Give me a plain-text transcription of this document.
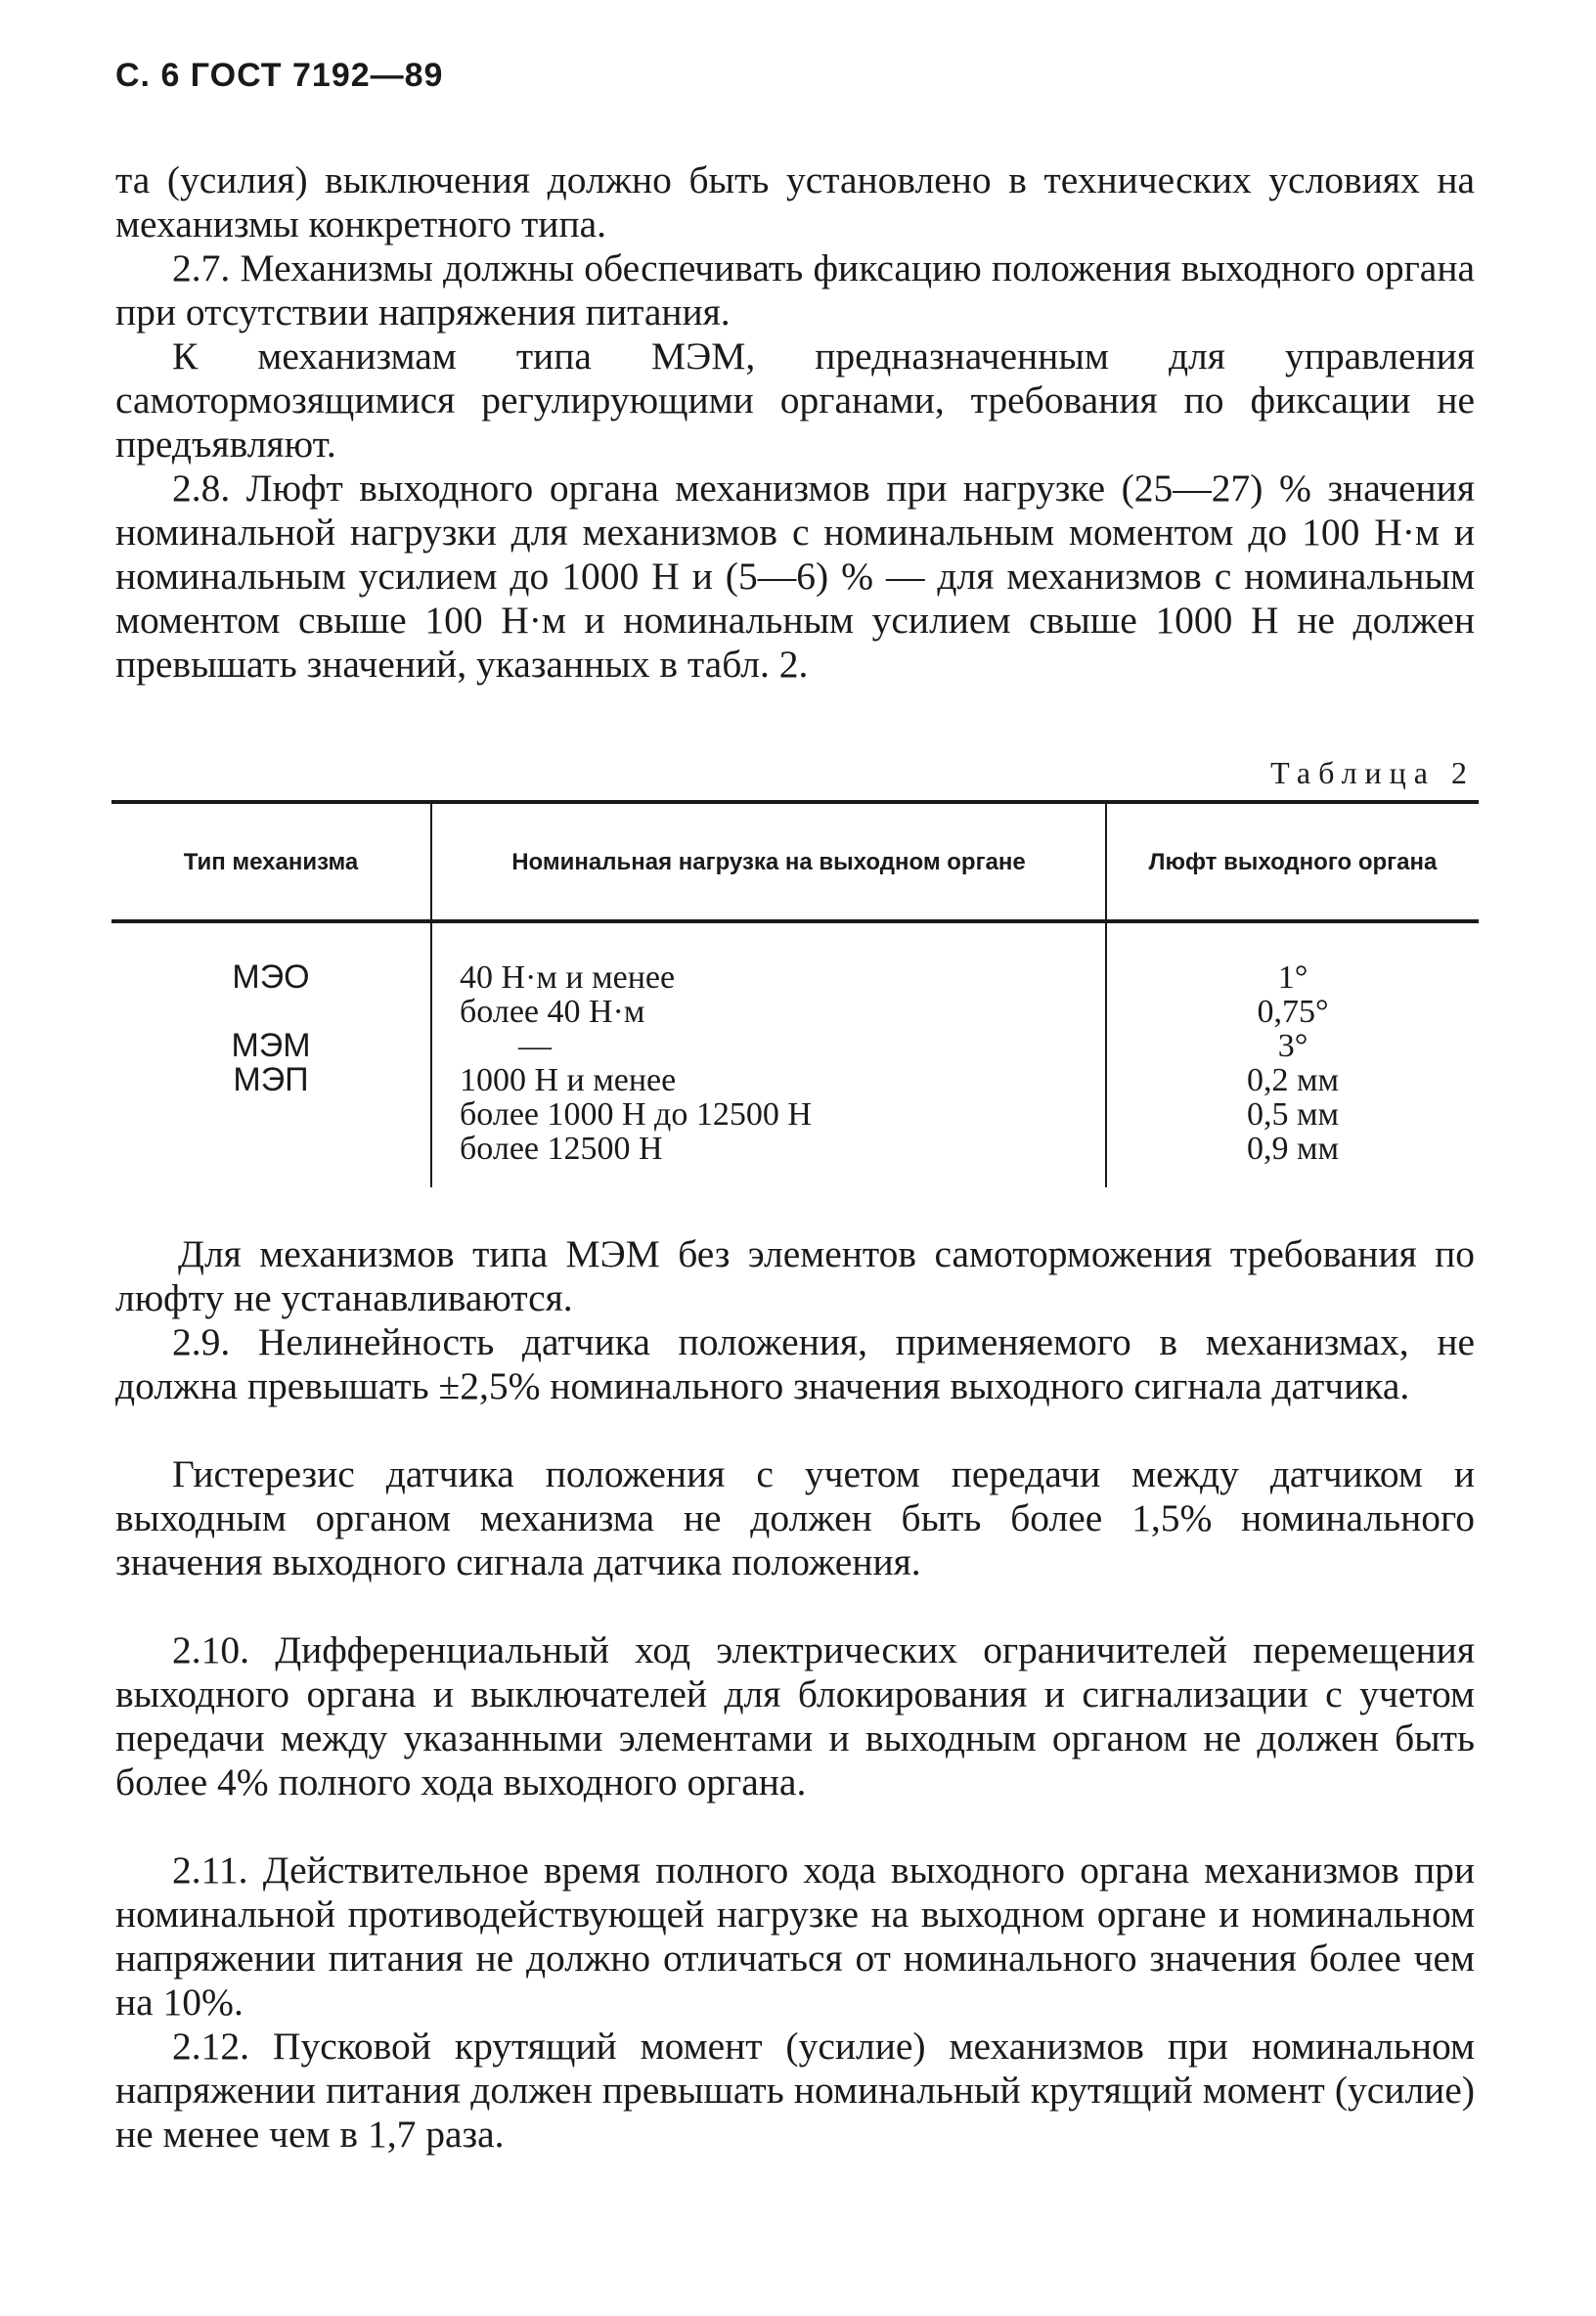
С. 6 ГОСТ 7192—89

та (усилия) выключения должно быть установлено в технических условиях на механизмы конкретного типа.

2.7. Механизмы должны обеспечивать фиксацию положения выходного органа при отсутствии напряжения питания.

К механизмам типа МЭМ, предназначенным для управления самотормозящимися регулирующими органами, требования по фиксации не предъявляют.

2.8. Люфт выходного органа механизмов при нагрузке (25—27) % значения номинальной нагрузки для механизмов с номинальным моментом до 100 Н·м и номинальным усилием до 1000 Н и (5—6) % — для механизмов с номинальным моментом свыше 100 Н·м и номинальным усилием свыше 1000 Н не должен превышать значений, указанных в табл. 2.

Таблица 2
Тип механизма	Номинальная нагрузка на выходном органе	Люфт выходного органа
МЭО
МЭМ
МЭП
40 Н·м и менее
более 40 Н·м
—
1000 Н и менее
более 1000 Н до 12500 Н
более 12500 Н
1°
0,75°
3°
0,2 мм
0,5 мм
0,9 мм

Для механизмов типа МЭМ без элементов самоторможения требования по люфту не устанавливаются.

2.9. Нелинейность датчика положения, применяемого в механизмах, не должна превышать ±2,5% номинального значения выходного сигнала датчика.

Гистерезис датчика положения с учетом передачи между датчиком и выходным органом механизма не должен быть более 1,5% номинального значения выходного сигнала датчика положения.

2.10. Дифференциальный ход электрических ограничителей перемещения выходного органа и выключателей для блокирования и сигнализации с учетом передачи между указанными элементами и выходным органом не должен быть более 4% полного хода выходного органа.

2.11. Действительное время полного хода выходного органа механизмов при номинальной противодействующей нагрузке на выходном органе и номинальном напряжении питания не должно отличаться от номинального значения более чем на 10%.

2.12. Пусковой крутящий момент (усилие) механизмов при номинальном напряжении питания должен превышать номинальный крутящий момент (усилие) не менее чем в 1,7 раза.
